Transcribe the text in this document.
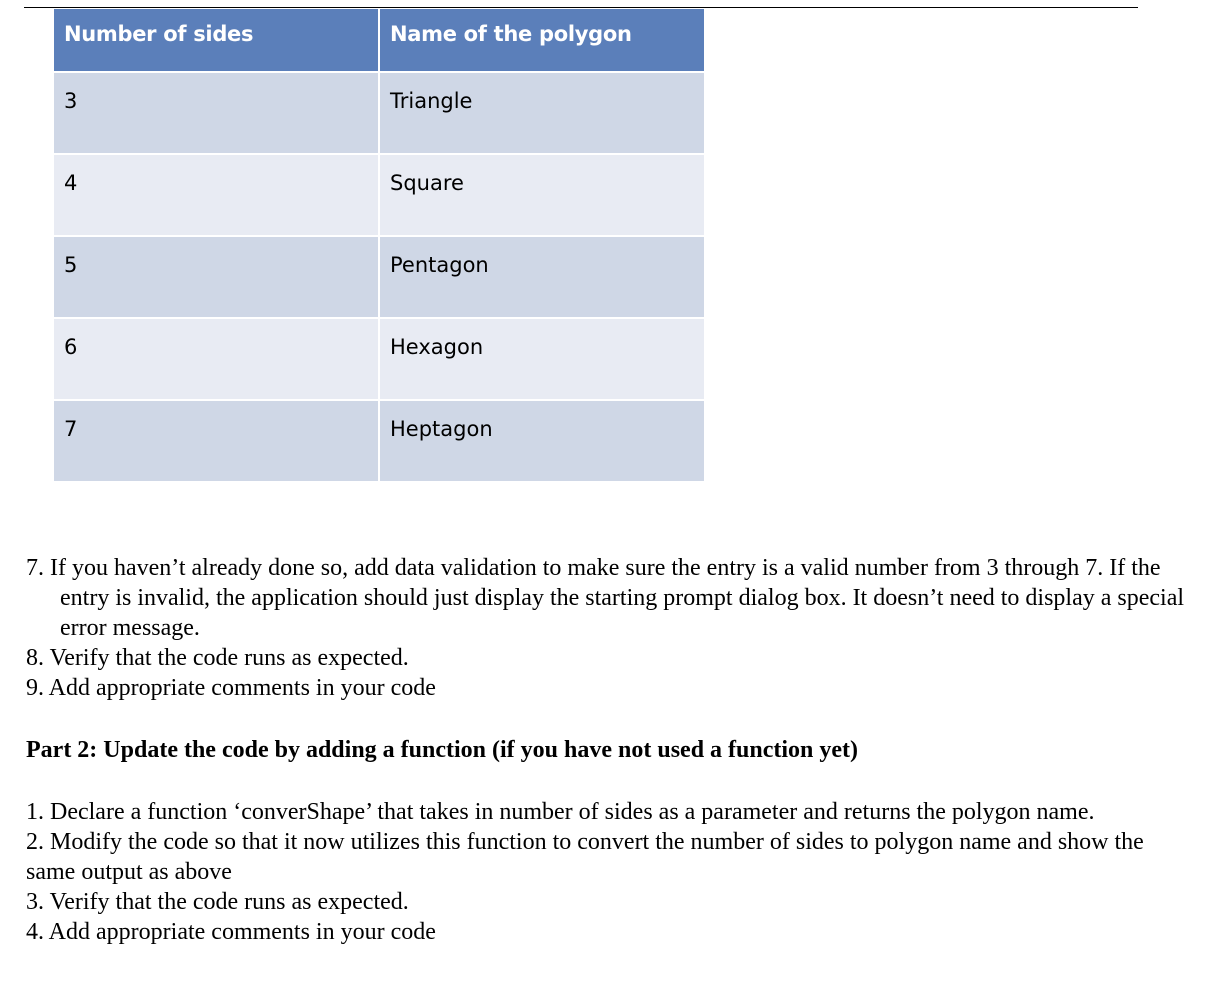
Number of sides	Name of the polygon
3	Triangle
4	Square
5	Pentagon
6	Hexagon
7	Heptagon

7. If you haven’t already done so, add data validation to make sure the entry is a valid number from 3 through 7. If the entry is invalid, the application should just display the starting prompt dialog box. It doesn’t need to display a special error message.

8. Verify that the code runs as expected.

9. Add appropriate comments in your code

Part 2: Update the code by adding a function (if you have not used a function yet)

1. Declare a function ‘converShape’ that takes in number of sides as a parameter and returns the polygon name.

2. Modify the code so that it now utilizes this function to convert the number of sides to polygon name and show the same output as above

3. Verify that the code runs as expected.

4. Add appropriate comments in your code
